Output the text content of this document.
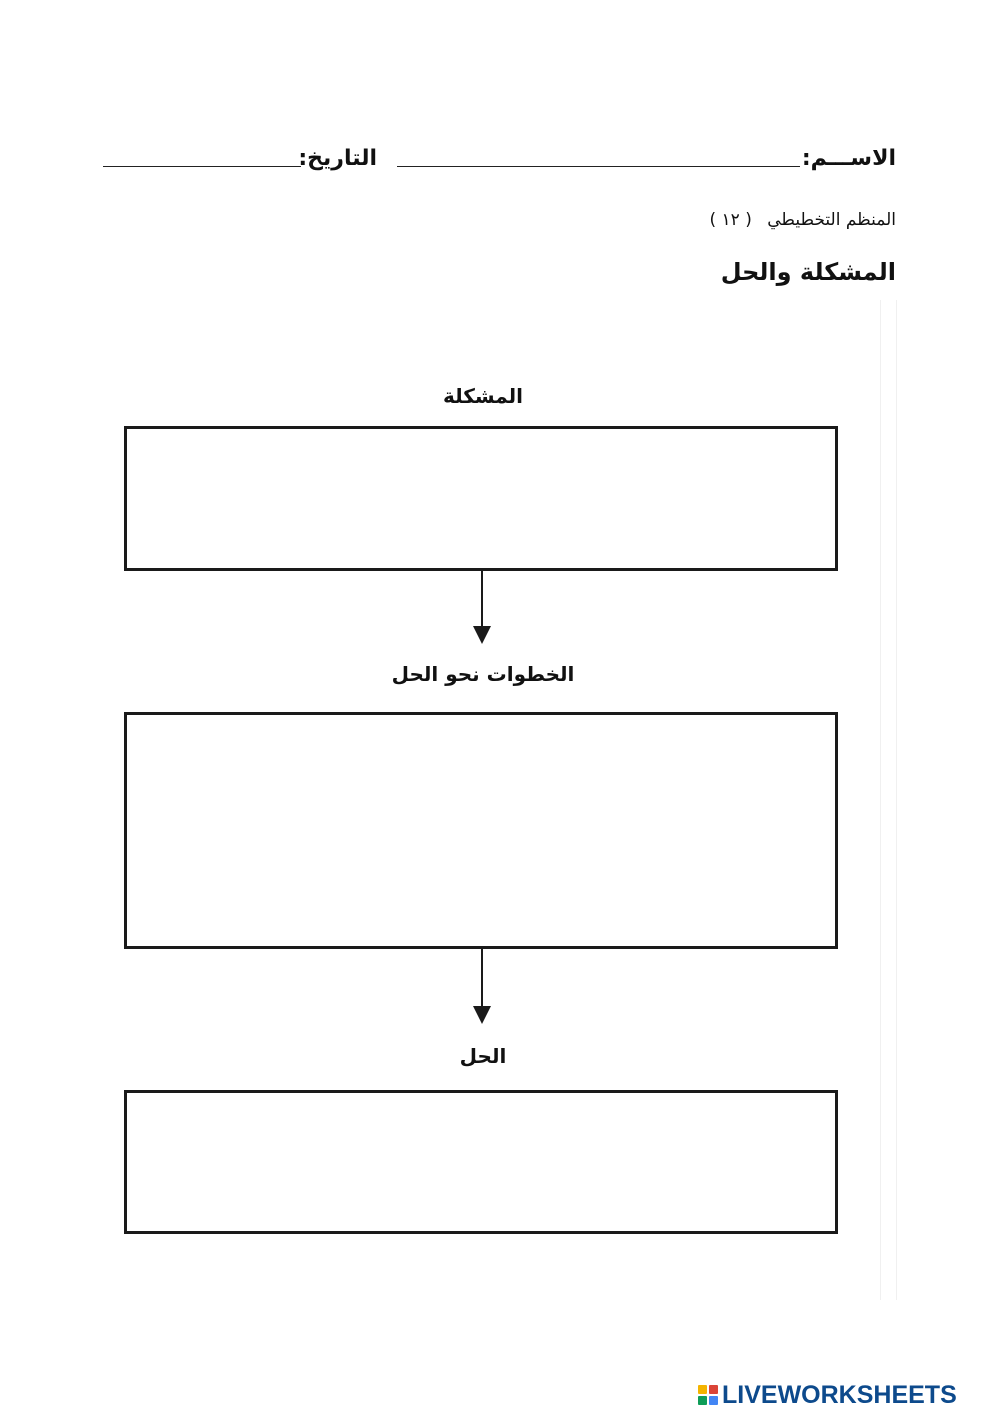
الاســـم:
التاريخ:
المنظم التخطيطي ( ١٢ )
المشكلة والحل
المشكلة
الخطوات نحو الحل
الحل
LIVEWORKSHEETS
